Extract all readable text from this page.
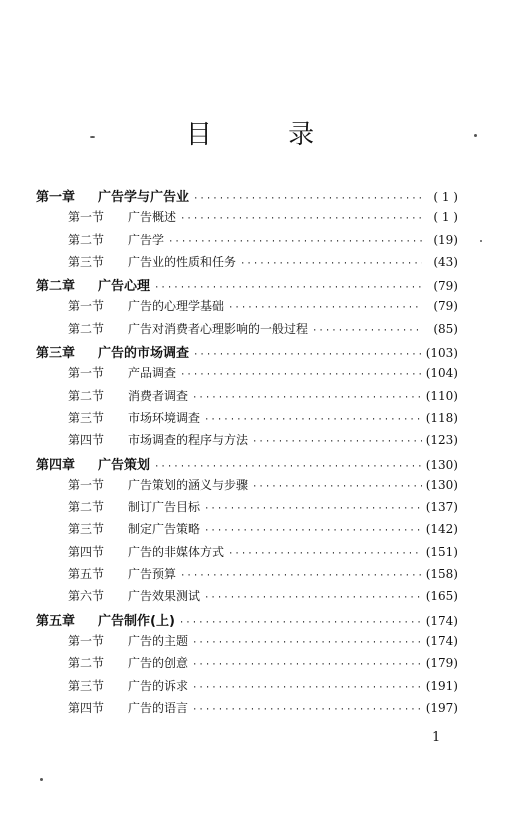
目 录
第一章	广告学与广告业 ·····	( 1 )
第一节	广告概述 ·····	( 1 )
第二节	广告学 ·····	(19)
第三节	广告业的性质和任务 ·····	(43)
第二章	广告心理 ·····	(79)
第一节	广告的心理学基础 ·····	(79)
第二节	广告对消费者心理影响的一般过程 ·····	(85)
第三章	广告的市场调查 ·····	(103)
第一节	产品调查 ·····	(104)
第二节	消费者调查 ·····	(110)
第三节	市场环境调查 ·····	(118)
第四节	市场调查的程序与方法 ·····	(123)
第四章	广告策划 ·····	(130)
第一节	广告策划的涵义与步骤 ·····	(130)
第二节	制订广告目标 ·····	(137)
第三节	制定广告策略 ·····	(142)
第四节	广告的非媒体方式 ·····	(151)
第五节	广告预算 ·····	(158)
第六节	广告效果测试 ·····	(165)
第五章	广告制作(上) ·····	(174)
第一节	广告的主题 ·····	(174)
第二节	广告的创意 ·····	(179)
第三节	广告的诉求 ·····	(191)
第四节	广告的语言 ·····	(197)
1
